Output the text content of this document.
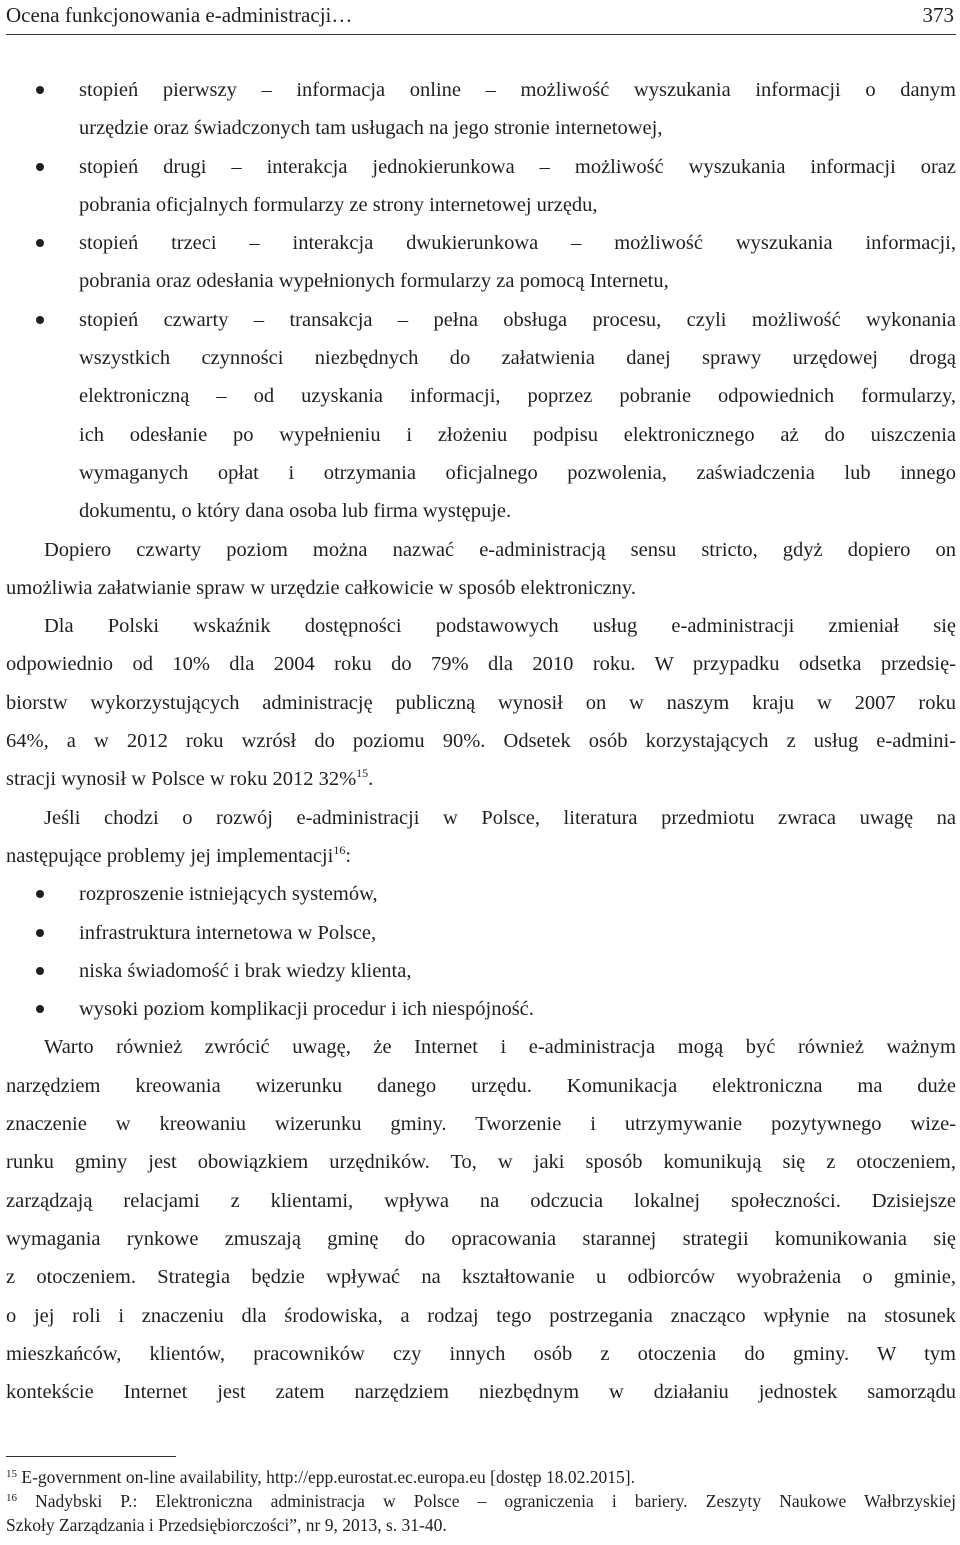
Ocena funkcjonowania e-administracji…	373
stopień pierwszy – informacja online – możliwość wyszukania informacji o danym
urzędzie oraz świadczonych tam usługach na jego stronie internetowej,
stopień drugi – interakcja jednokierunkowa – możliwość wyszukania informacji oraz
pobrania oficjalnych formularzy ze strony internetowej urzędu,
stopień trzeci – interakcja dwukierunkowa – możliwość wyszukania informacji,
pobrania oraz odesłania wypełnionych formularzy za pomocą Internetu,
stopień czwarty – transakcja – pełna obsługa procesu, czyli możliwość wykonania
wszystkich czynności niezbędnych do załatwienia danej sprawy urzędowej drogą
elektroniczną – od uzyskania informacji, poprzez pobranie odpowiednich formularzy,
ich odesłanie po wypełnieniu i złożeniu podpisu elektronicznego aż do uiszczenia
wymaganych opłat i otrzymania oficjalnego pozwolenia, zaświadczenia lub innego
dokumentu, o który dana osoba lub firma występuje.
Dopiero czwarty poziom można nazwać e-administracją sensu stricto, gdyż dopiero on
umożliwia załatwianie spraw w urzędzie całkowicie w sposób elektroniczny.
Dla Polski wskaźnik dostępności podstawowych usług e-administracji zmieniał się
odpowiednio od 10% dla 2004 roku do 79% dla 2010 roku. W przypadku odsetka przedsię-
biorstw wykorzystujących administrację publiczną wynosił on w naszym kraju w 2007 roku
64%, a w 2012 roku wzrósł do poziomu 90%. Odsetek osób korzystających z usług e-admini-
stracji wynosił w Polsce w roku 2012 32%$^{15}$.
Jeśli chodzi o rozwój e-administracji w Polsce, literatura przedmiotu zwraca uwagę na
następujące problemy jej implementacji$^{16}$:
rozproszenie istniejących systemów,
infrastruktura internetowa w Polsce,
niska świadomość i brak wiedzy klienta,
wysoki poziom komplikacji procedur i ich niespójność.
Warto również zwrócić uwagę, że Internet i e-administracja mogą być również ważnym
narzędziem kreowania wizerunku danego urzędu. Komunikacja elektroniczna ma duże
znaczenie w kreowaniu wizerunku gminy. Tworzenie i utrzymywanie pozytywnego wize-
runku gminy jest obowiązkiem urzędników. To, w jaki sposób komunikują się z otoczeniem,
zarządzają relacjami z klientami, wpływa na odczucia lokalnej społeczności. Dzisiejsze
wymagania rynkowe zmuszają gminę do opracowania starannej strategii komunikowania się
z otoczeniem. Strategia będzie wpływać na kształtowanie u odbiorców wyobrażenia o gminie,
o jej roli i znaczeniu dla środowiska, a rodzaj tego postrzegania znacząco wpłynie na stosunek
mieszkańców, klientów, pracowników czy innych osób z otoczenia do gminy. W tym
kontekście Internet jest zatem narzędziem niezbędnym w działaniu jednostek samorządu
$^{15}$ E-government on-line availability, http://epp.eurostat.ec.europa.eu [dostęp 18.02.2015].
$^{16}$ Nadybski P.: Elektroniczna administracja w Polsce – ograniczenia i bariery. Zeszyty Naukowe Wałbrzyskiej
Szkoły Zarządzania i Przedsiębiorczości”, nr 9, 2013, s. 31-40.
